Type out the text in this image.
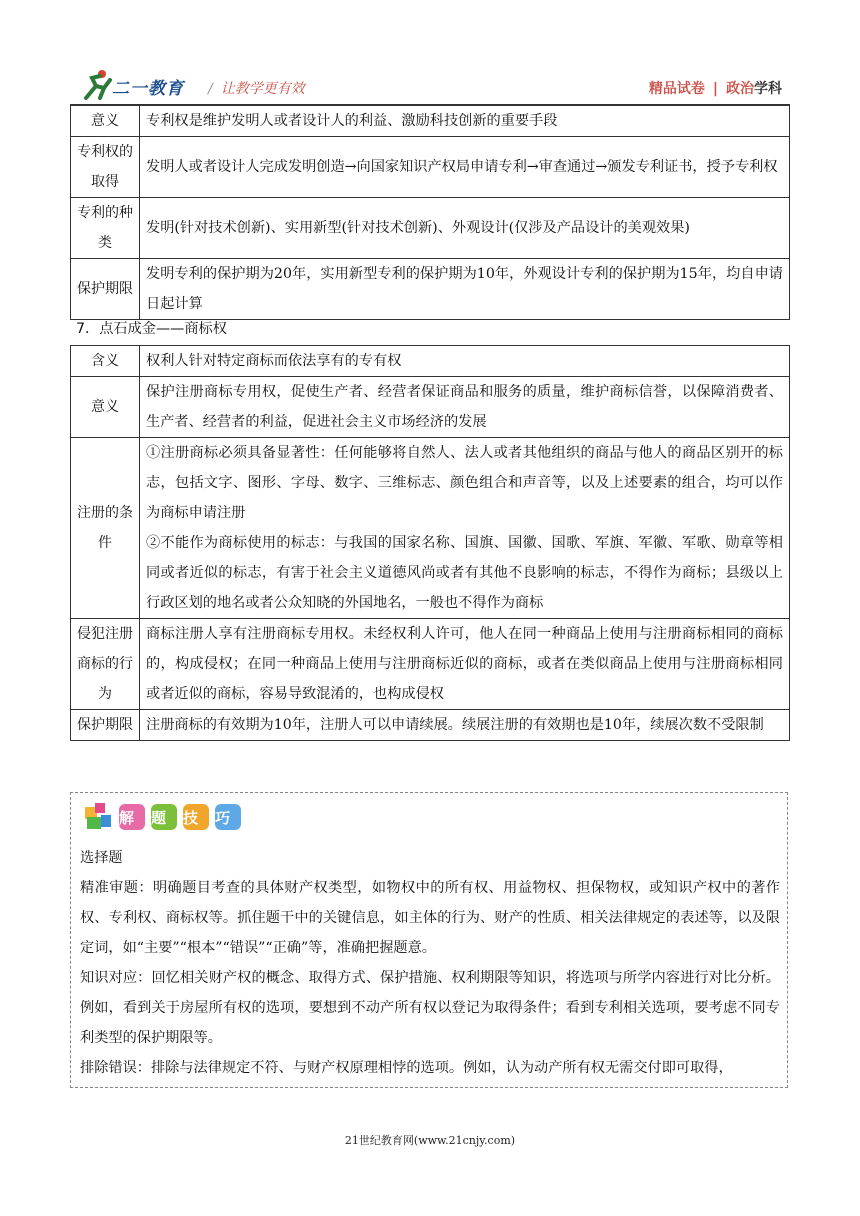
二一教育 / 让教学更有效	精品试卷 | 政治学科
意义	专利权是维护发明人或者设计人的利益、激励科技创新的重要手段
专利权的取得	发明人或者设计人完成发明创造→向国家知识产权局申请专利→审查通过→颁发专利证书，授予专利权
专利的种类	发明(针对技术创新)、实用新型(针对技术创新)、外观设计(仅涉及产品设计的美观效果)
保护期限	发明专利的保护期为20年，实用新型专利的保护期为10年，外观设计专利的保护期为15年，均自申请日起计算
7．点石成金——商标权
含义	权利人针对特定商标而依法享有的专有权
意义	保护注册商标专用权，促使生产者、经营者保证商品和服务的质量，维护商标信誉，以保障消费者、生产者、经营者的利益，促进社会主义市场经济的发展
注册的条件	①注册商标必须具备显著性：任何能够将自然人、法人或者其他组织的商品与他人的商品区别开的标志，包括文字、图形、字母、数字、三维标志、颜色组合和声音等，以及上述要素的组合，均可以作为商标申请注册
②不能作为商标使用的标志：与我国的国家名称、国旗、国徽、国歌、军旗、军徽、军歌、勋章等相同或者近似的标志，有害于社会主义道德风尚或者有其他不良影响的标志，不得作为商标；县级以上行政区划的地名或者公众知晓的外国地名，一般也不得作为商标

侵犯注册商标的行为	商标注册人享有注册商标专用权。未经权利人许可，他人在同一种商品上使用与注册商标相同的商标的，构成侵权；在同一种商品上使用与注册商标近似的商标，或者在类似商品上使用与注册商标相同或者近似的商标，容易导致混淆的，也构成侵权
保护期限	注册商标的有效期为10年，注册人可以申请续展。续展注册的有效期也是10年，续展次数不受限制
解题技巧

选择题

精准审题：明确题目考查的具体财产权类型，如物权中的所有权、用益物权、担保物权，或知识产权中的著作权、专利权、商标权等。抓住题干中的关键信息，如主体的行为、财产的性质、相关法律规定的表述等，以及限定词，如“主要”“根本”“错误”“正确”等，准确把握题意。

知识对应：回忆相关财产权的概念、取得方式、保护措施、权利期限等知识，将选项与所学内容进行对比分析。例如，看到关于房屋所有权的选项，要想到不动产所有权以登记为取得条件；看到专利相关选项，要考虑不同专利类型的保护期限等。

排除错误：排除与法律规定不符、与财产权原理相悖的选项。例如，认为动产所有权无需交付即可取得，

21世纪教育网(www.21cnjy.com)
